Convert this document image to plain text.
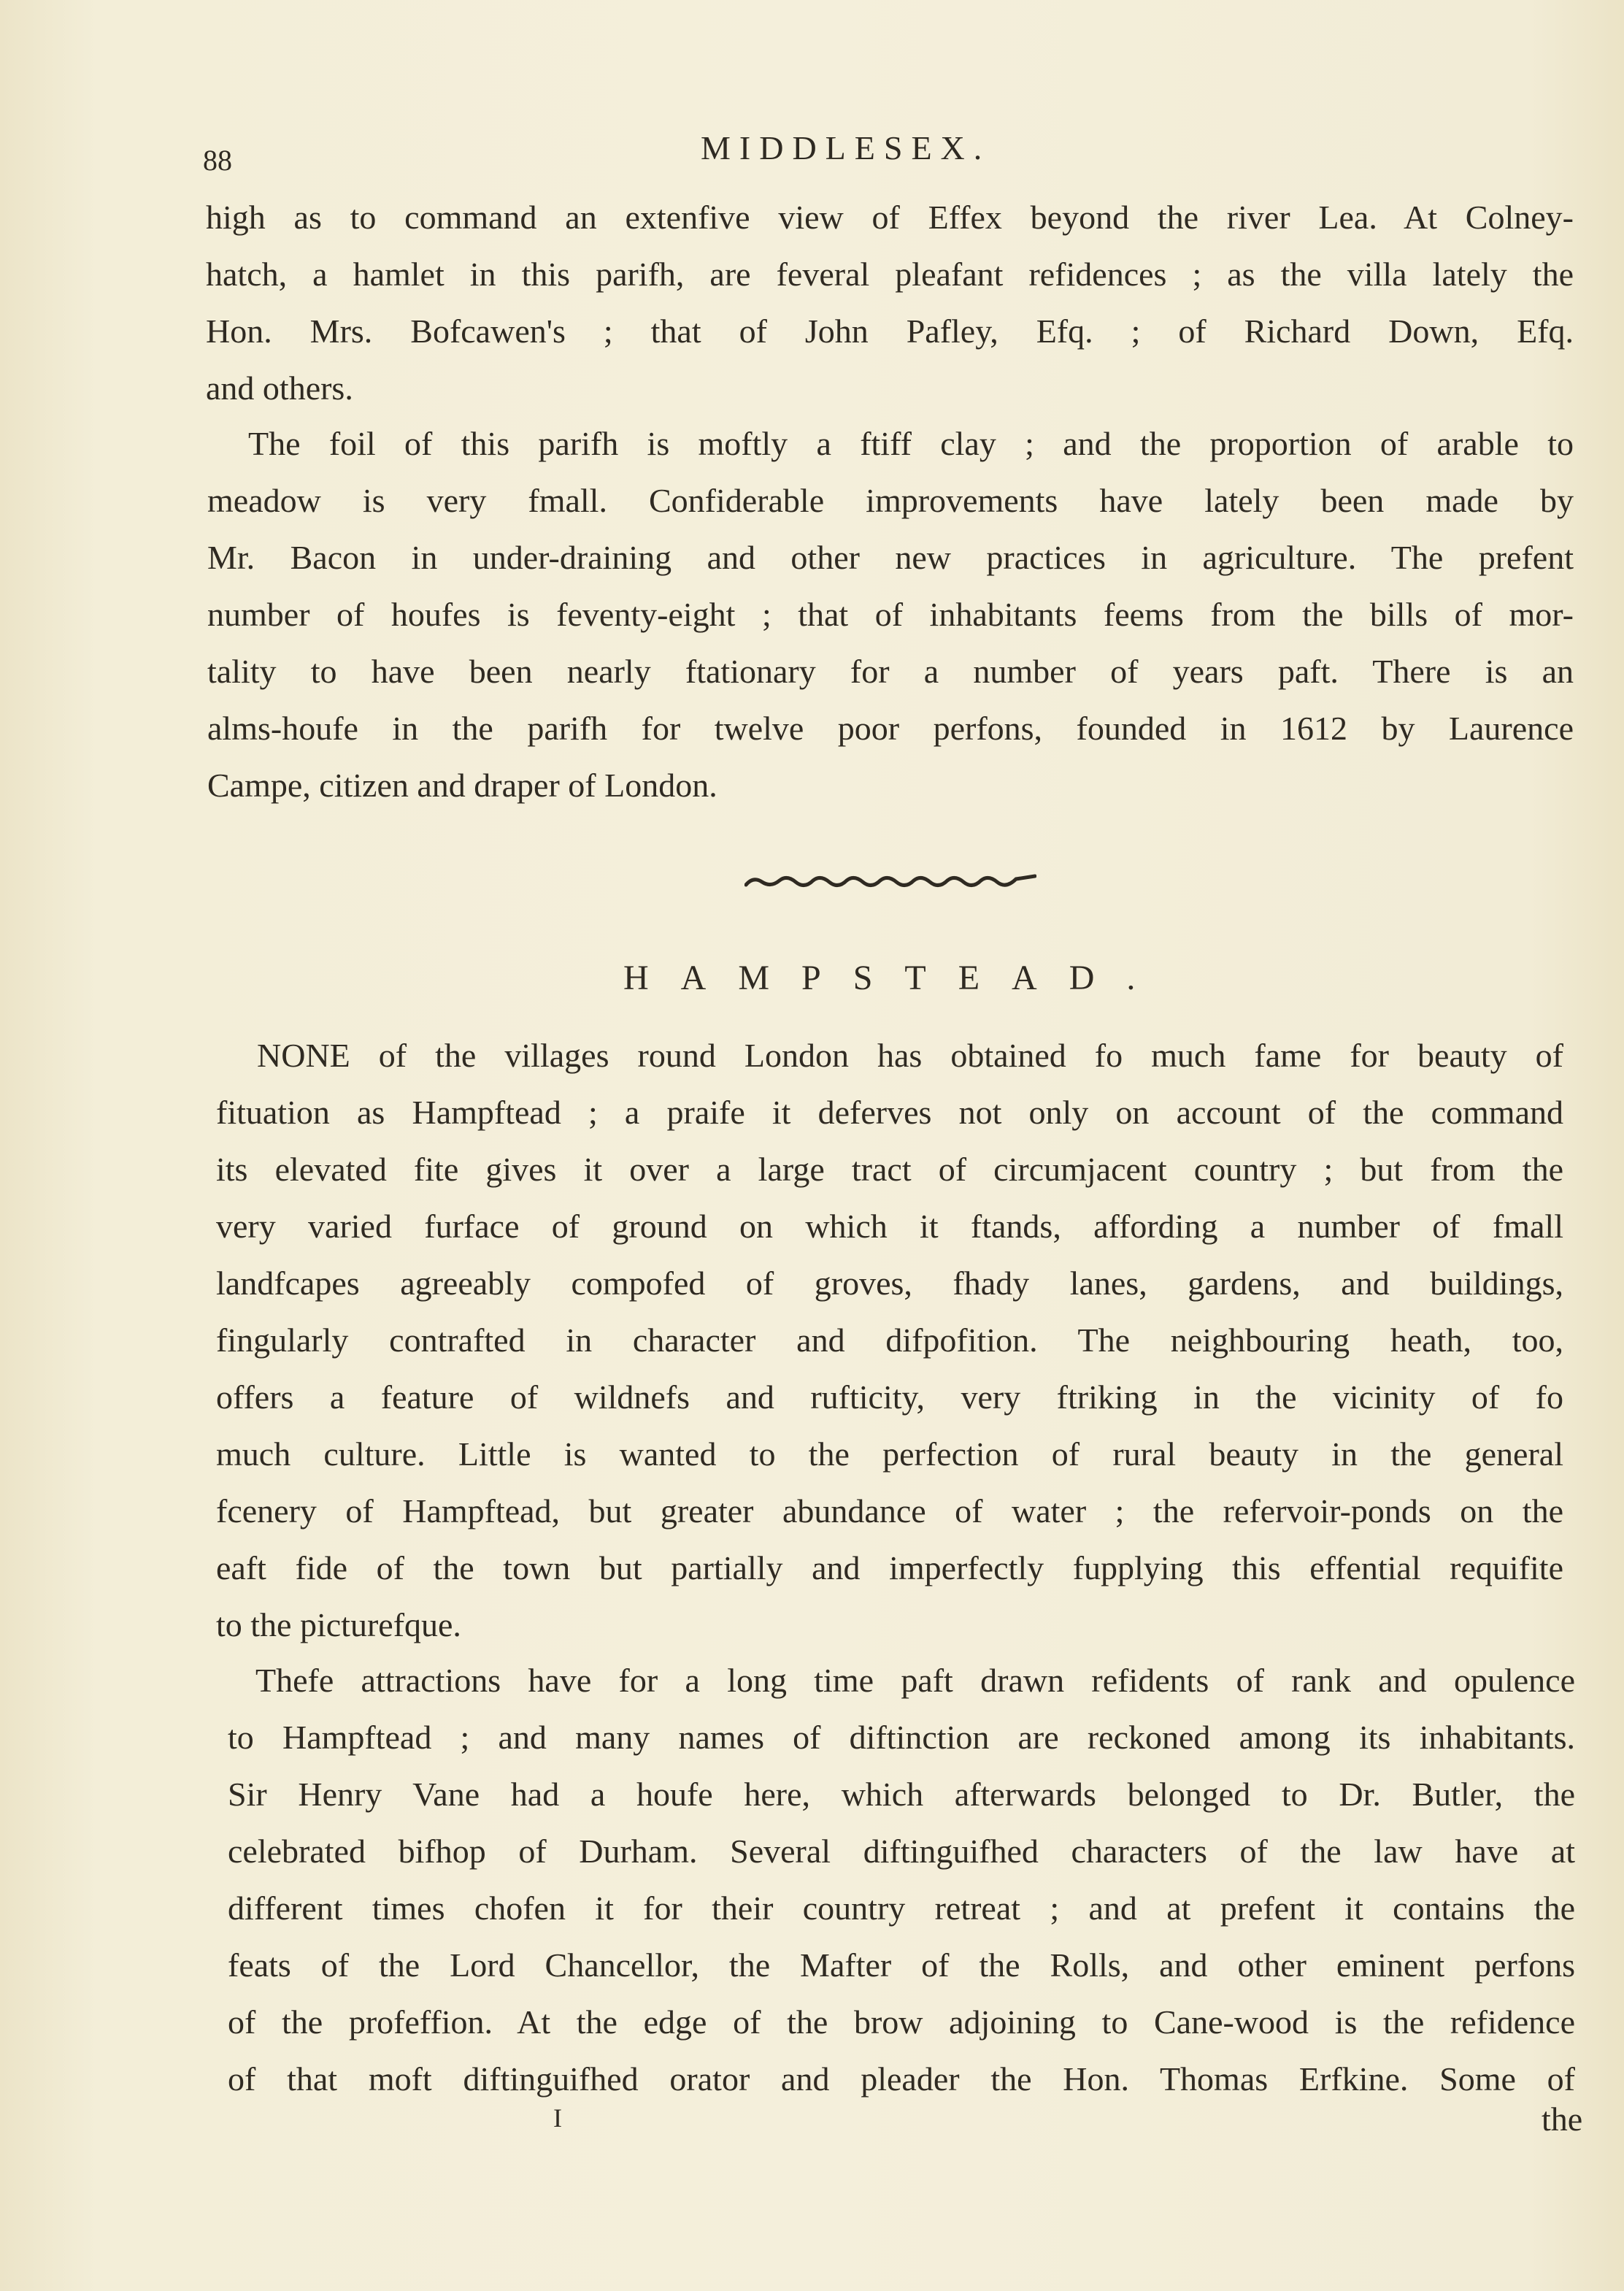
88	MIDDLESEX.
high as to command an extenfive view of Effex beyond the river Lea. At Colney-
hatch, a hamlet in this parifh, are feveral pleafant refidences ; as the villa lately the
Hon. Mrs. Bofcawen's ; that of John Pafley, Efq. ; of Richard Down, Efq.
and others.
The foil of this parifh is moftly a ftiff clay ; and the proportion of arable to
meadow is very fmall. Confiderable improvements have lately been made by
Mr. Bacon in under-draining and other new practices in agriculture. The prefent
number of houfes is feventy-eight ; that of inhabitants feems from the bills of mor-
tality to have been nearly ftationary for a number of years paft. There is an
alms-houfe in the parifh for twelve poor perfons, founded in 1612 by Laurence
Campe, citizen and draper of London.
HAMPSTEAD.
NONE of the villages round London has obtained fo much fame for beauty of
fituation as Hampftead ; a praife it deferves not only on account of the command
its elevated fite gives it over a large tract of circumjacent country ; but from the
very varied furface of ground on which it ftands, affording a number of fmall
landfcapes agreeably compofed of groves, fhady lanes, gardens, and buildings,
fingularly contrafted in character and difpofition. The neighbouring heath, too,
offers a feature of wildnefs and rufticity, very ftriking in the vicinity of fo
much culture. Little is wanted to the perfection of rural beauty in the general
fcenery of Hampftead, but greater abundance of water ; the refervoir-ponds on the
eaft fide of the town but partially and imperfectly fupplying this effential requifite
to the picturefque.
Thefe attractions have for a long time paft drawn refidents of rank and opulence
to Hampftead ; and many names of diftinction are reckoned among its inhabitants.
Sir Henry Vane had a houfe here, which afterwards belonged to Dr. Butler, the
celebrated bifhop of Durham. Several diftinguifhed characters of the law have at
different times chofen it for their country retreat ; and at prefent it contains the
feats of the Lord Chancellor, the Mafter of the Rolls, and other eminent perfons
of the profeffion. At the edge of the brow adjoining to Cane-wood is the refidence
of that moft diftinguifhed orator and pleader the Hon. Thomas Erfkine. Some of
I	the
